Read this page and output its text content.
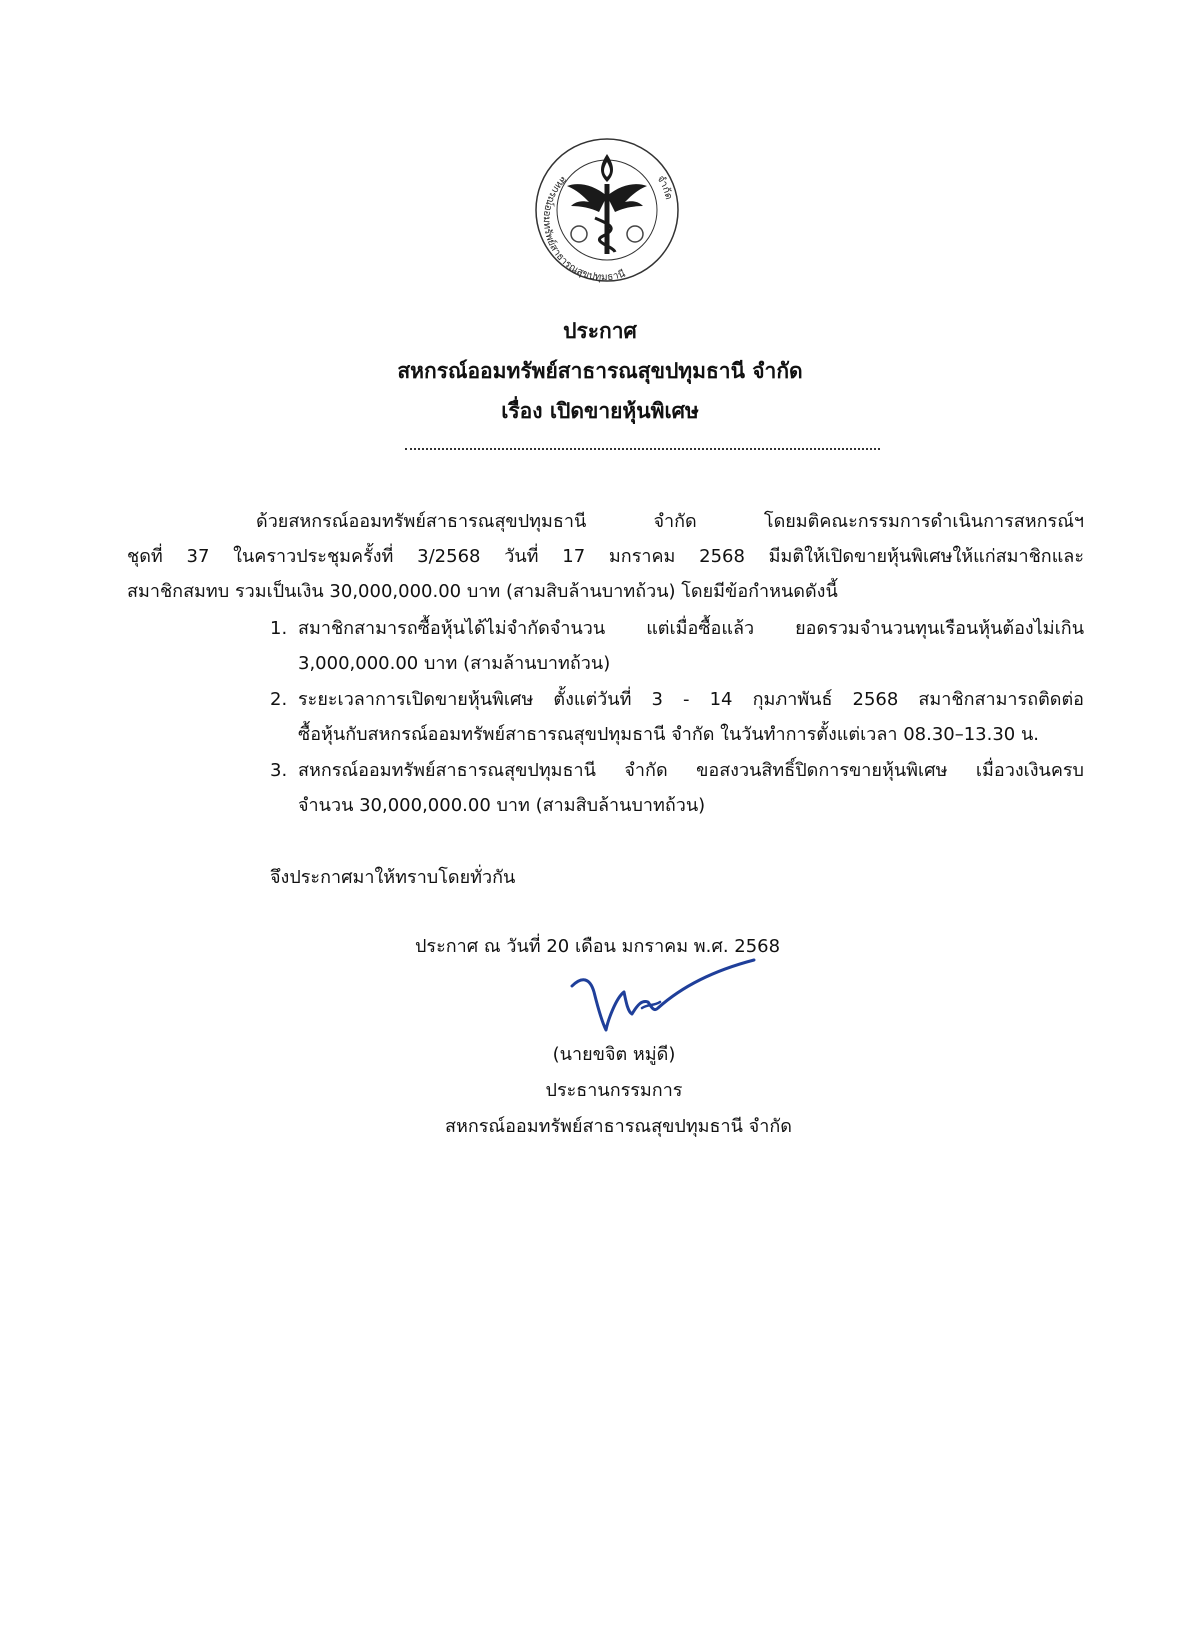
สหกรณ์ออมทรัพย์สาธารณสุขปทุมธานี
จำกัด
ประกาศ
สหกรณ์ออมทรัพย์สาธารณสุขปทุมธานี จำกัด
เรื่อง เปิดขายหุ้นพิเศษ
ด้วยสหกรณ์ออมทรัพย์สาธารณสุขปทุมธานี จำกัด โดยมติคณะกรรมการดำเนินการสหกรณ์ฯ
ชุดที่ 37 ในคราวประชุมครั้งที่ 3/2568 วันที่ 17 มกราคม 2568 มีมติให้เปิดขายหุ้นพิเศษให้แก่สมาชิกและ
สมาชิกสมทบ รวมเป็นเงิน 30,000,000.00 บาท (สามสิบล้านบาทถ้วน) โดยมีข้อกำหนดดังนี้
1. สมาชิกสามารถซื้อหุ้นได้ไม่จำกัดจำนวน แต่เมื่อซื้อแล้ว ยอดรวมจำนวนทุนเรือนหุ้นต้องไม่เกิน
3,000,000.00 บาท (สามล้านบาทถ้วน)
2. ระยะเวลาการเปิดขายหุ้นพิเศษ ตั้งแต่วันที่ 3 - 14 กุมภาพันธ์ 2568 สมาชิกสามารถติดต่อ
ซื้อหุ้นกับสหกรณ์ออมทรัพย์สาธารณสุขปทุมธานี จำกัด ในวันทำการตั้งแต่เวลา 08.30–13.30 น.
3. สหกรณ์ออมทรัพย์สาธารณสุขปทุมธานี จำกัด ขอสงวนสิทธิ์ปิดการขายหุ้นพิเศษ เมื่อวงเงินครบ
จำนวน 30,000,000.00 บาท (สามสิบล้านบาทถ้วน)
จึงประกาศมาให้ทราบโดยทั่วกัน
ประกาศ ณ วันที่ 20 เดือน มกราคม พ.ศ. 2568
(นายขจิต หมู่ดี)
ประธานกรรมการ
สหกรณ์ออมทรัพย์สาธารณสุขปทุมธานี จำกัด
